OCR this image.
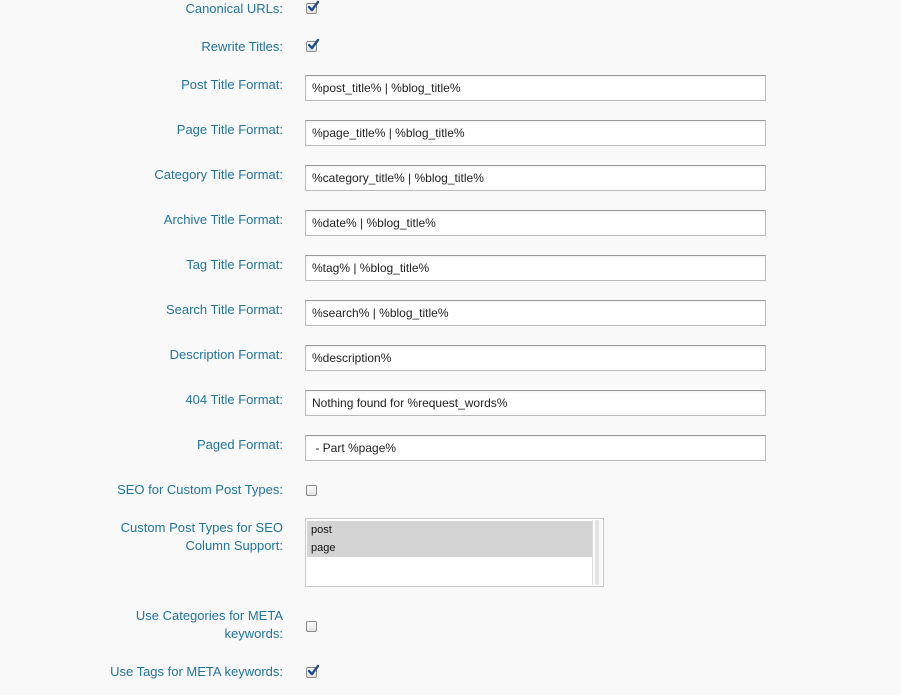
Canonical URLs:
Rewrite Titles:
Post Title Format:	%post_title% | %blog_title%
Page Title Format:	%page_title% | %blog_title%
Category Title Format:	%category_title% | %blog_title%
Archive Title Format:	%date% | %blog_title%
Tag Title Format:	%tag% | %blog_title%
Search Title Format:	%search% | %blog_title%
Description Format:	%description%
404 Title Format:	Nothing found for %request_words%
Paged Format:	- Part %page%
SEO for Custom Post Types:
Custom Post Types for SEO
Column Support:
post
page
Use Categories for META
keywords:
Use Tags for META keywords:
